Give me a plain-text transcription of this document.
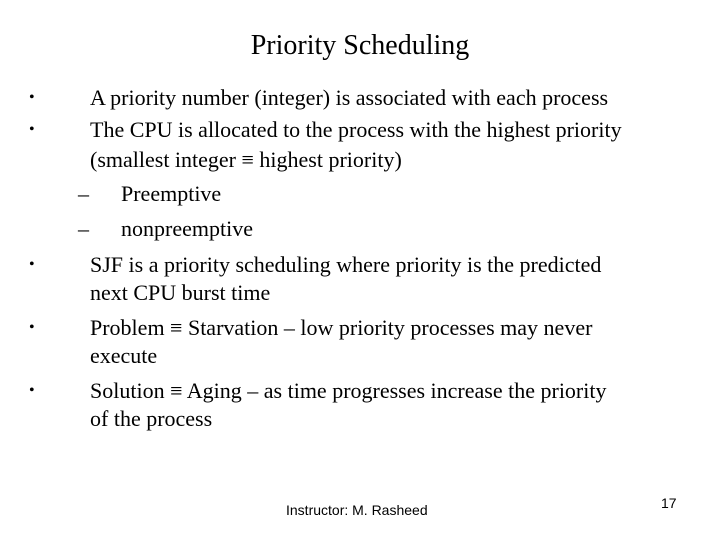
Priority Scheduling
•	A priority number (integer) is associated with each process
•	The CPU is allocated to the process with the highest priority
(smallest integer ≡ highest priority)
– Preemptive
– nonpreemptive
•	SJF is a priority scheduling where priority is the predicted
next CPU burst time
•	Problem ≡ Starvation – low priority processes may never
execute
•	Solution ≡ Aging – as time progresses increase the priority
of the process
Instructor: M. Rasheed	17
